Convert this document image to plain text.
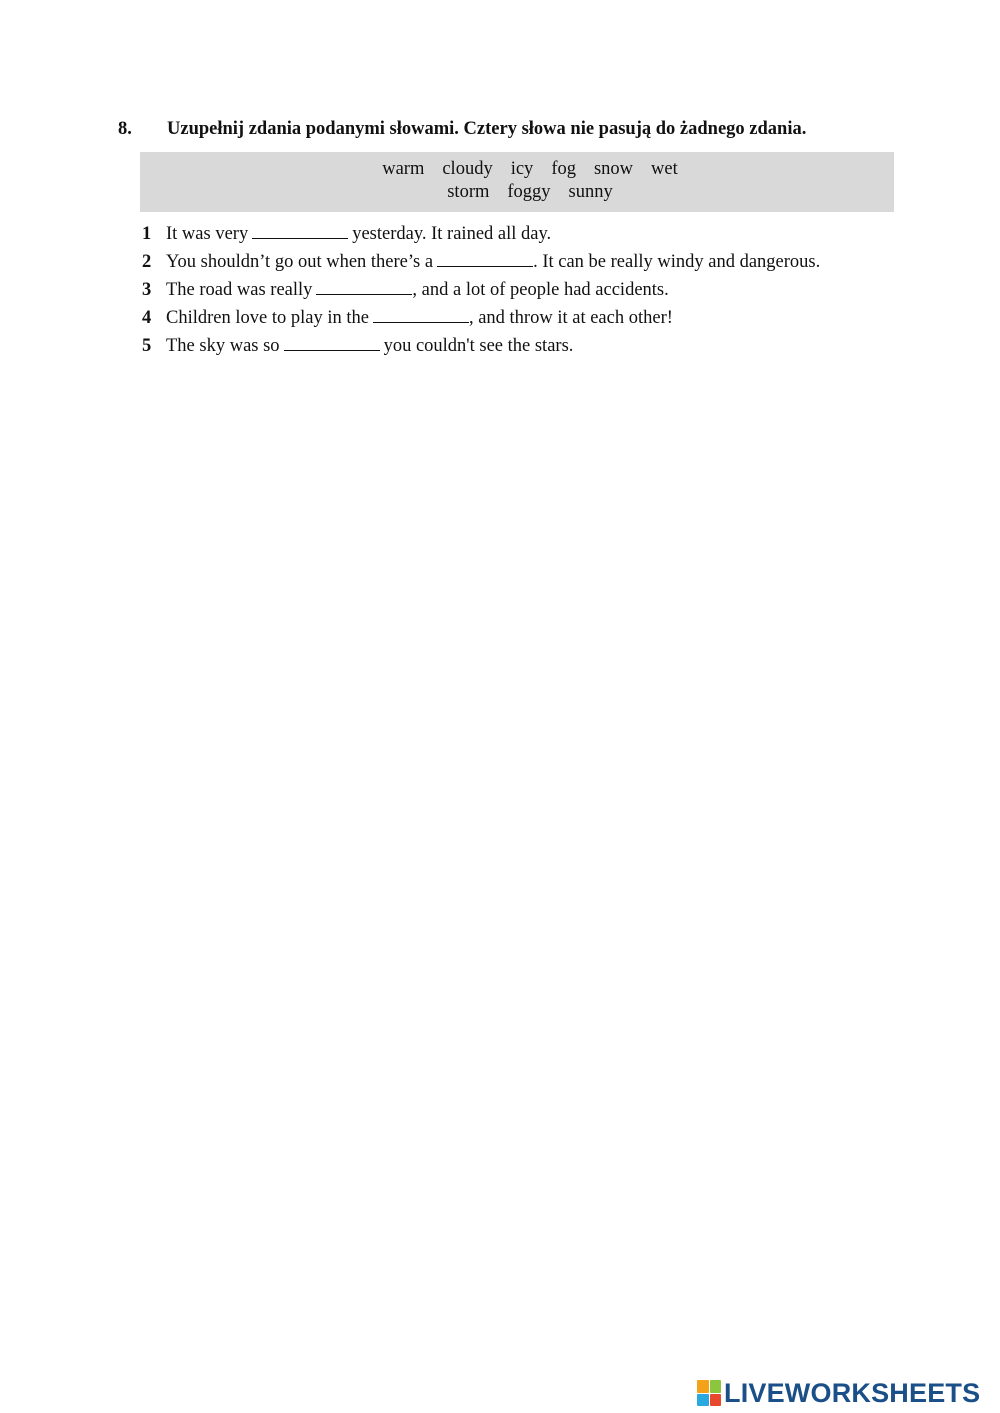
8. Uzupełnij zdania podanymi słowami. Cztery słowa nie pasują do żadnego zdania.
warm cloudy icy fog snow wet
storm foggy sunny
1 It was very	yesterday. It rained all day.
2 You shouldn’t go out when there’s a	. It can be really windy and dangerous.
3 The road was really	, and a lot of people had accidents.
4 Children love to play in the	, and throw it at each other!
5 The sky was so	you couldn't see the stars.
LIVEWORKSHEETS
